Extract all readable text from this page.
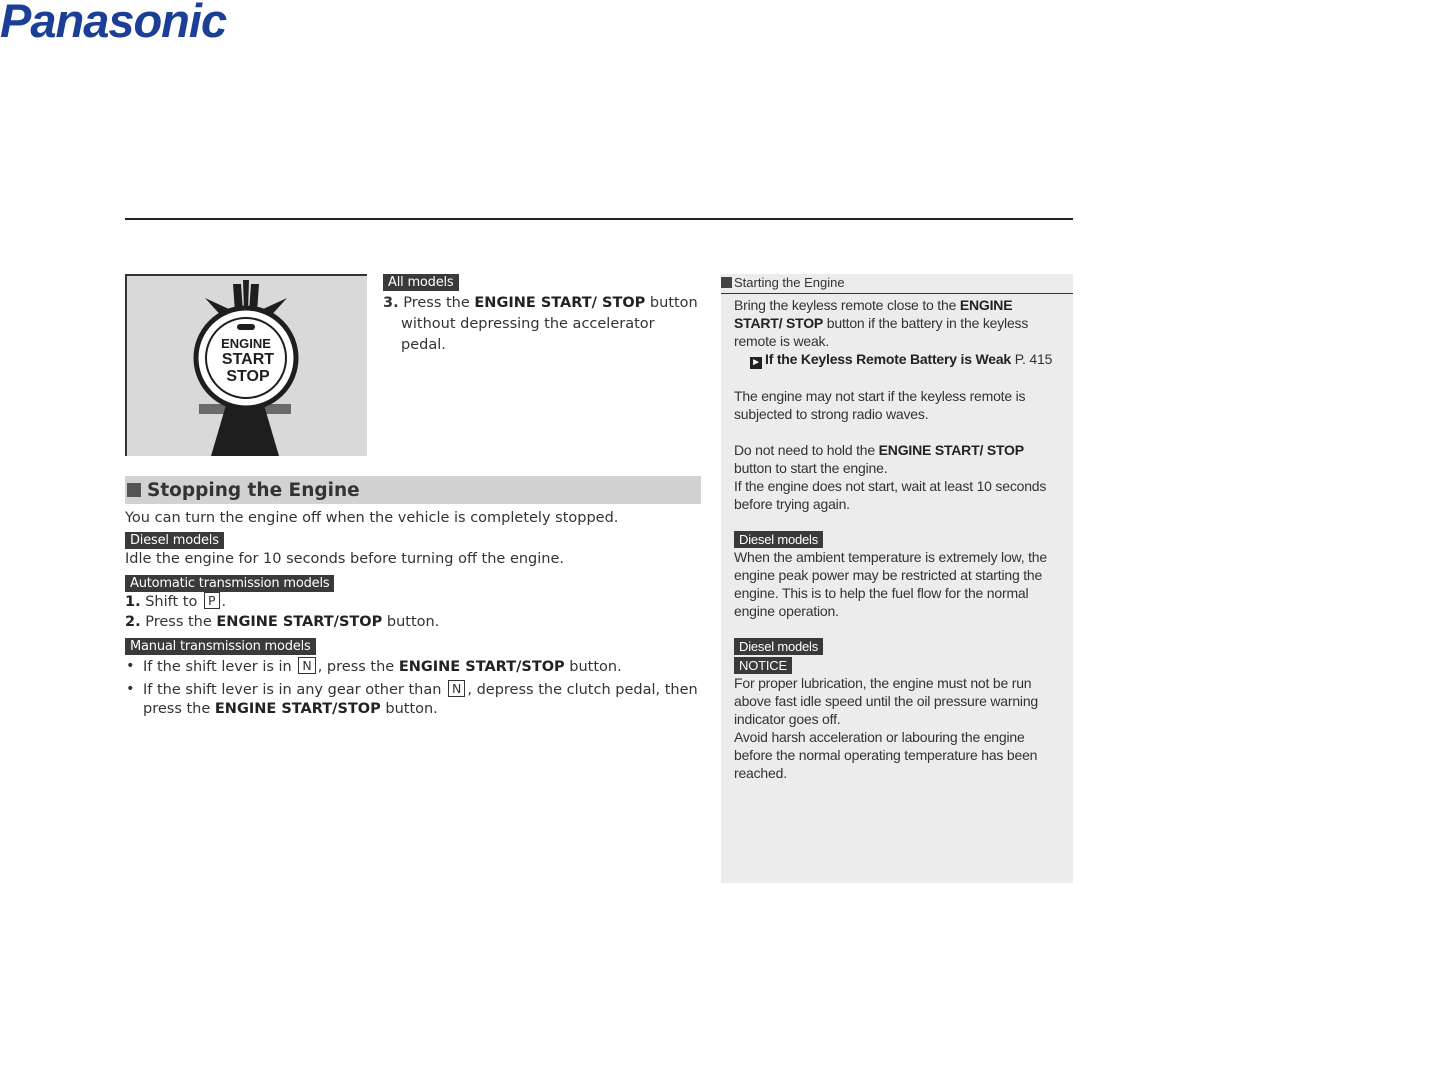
Panasonic
ENGINE
START
STOP
All models
3. Press the ENGINE START/ STOP button
without depressing the accelerator pedal.
Stopping the Engine

You can turn the engine off when the vehicle is completely stopped.

Diesel models

Idle the engine for 10 seconds before turning off the engine.

Automatic transmission models

1. Shift to P .

2. Press the ENGINE START/STOP button.

Manual transmission models
• If the shift lever is in N , press the ENGINE START/STOP button.
• If the shift lever is in any gear other than N , depress the clutch pedal, then press the ENGINE START/STOP button.
Starting the Engine

Bring the keyless remote close to the ENGINE START/ STOP button if the battery in the keyless remote is weak.

► If the Keyless Remote Battery is Weak P. 415

The engine may not start if the keyless remote is subjected to strong radio waves.

Do not need to hold the ENGINE START/ STOP button to start the engine.

If the engine does not start, wait at least 10 seconds before trying again.

Diesel models

When the ambient temperature is extremely low, the engine peak power may be restricted at starting the engine. This is to help the fuel flow for the normal engine operation.

Diesel models
NOTICE

For proper lubrication, the engine must not be run above fast idle speed until the oil pressure warning indicator goes off.

Avoid harsh acceleration or labouring the engine before the normal operating temperature has been reached.
